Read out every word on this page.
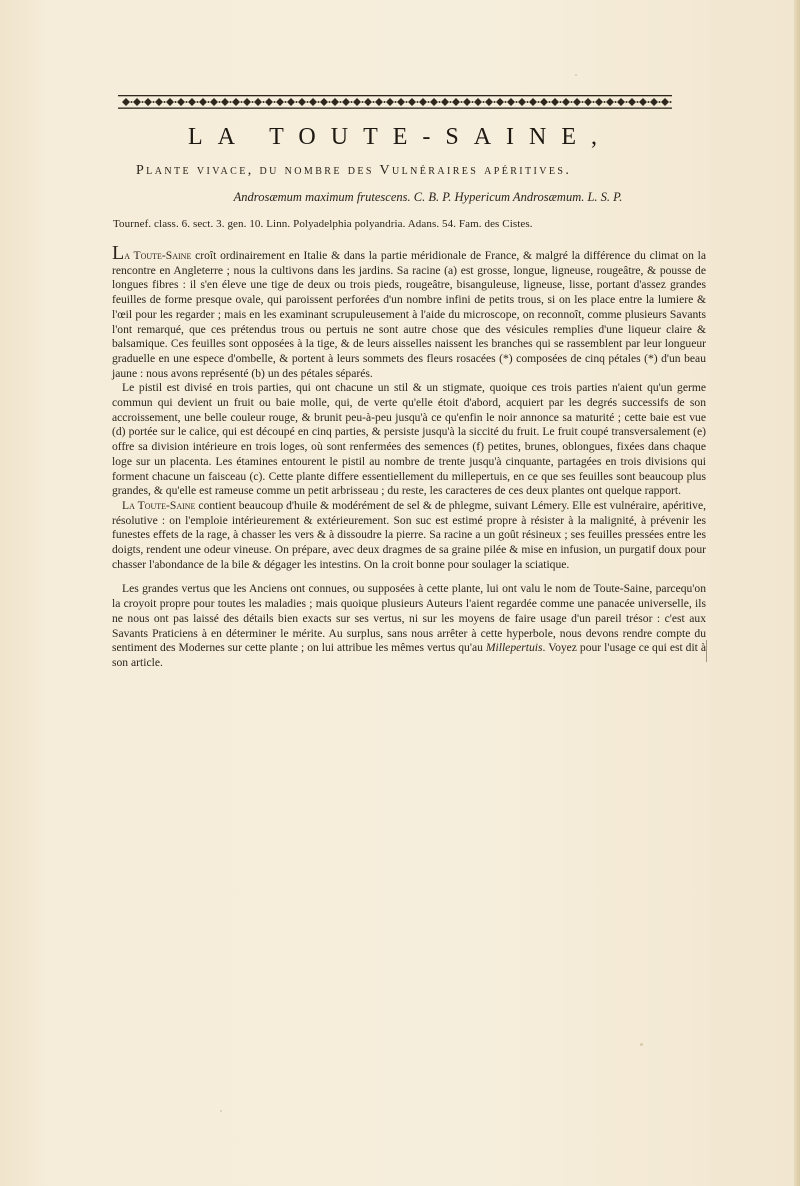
LA TOUTE-SAINE,
Plante vivace, du nombre des Vulnéraires apéritives.
Androsæmum maximum frutescens. C. B. P. Hypericum Androsæmum. L. S. P.
Tournef. class. 6. sect. 3. gen. 10. Linn. Polyadelphia polyandria. Adans. 54. Fam. des Cistes.

La Toute-Saine croît ordinairement en Italie & dans la partie méridionale de France, & malgré la différence du climat on la rencontre en Angleterre ; nous la cultivons dans les jardins. Sa racine (a) est grosse, longue, ligneuse, rougeâtre, & pousse de longues fibres : il s'en éleve une tige de deux ou trois pieds, rougeâtre, bisanguleuse, ligneuse, lisse, portant d'assez grandes feuilles de forme presque ovale, qui paroissent perforées d'un nombre infini de petits trous, si on les place entre la lumiere & l'œil pour les regarder ; mais en les examinant scrupuleusement à l'aide du microscope, on reconnoît, comme plusieurs Savants l'ont remarqué, que ces prétendus trous ou pertuis ne sont autre chose que des vésicules remplies d'une liqueur claire & balsamique. Ces feuilles sont opposées à la tige, & de leurs aisselles naissent les branches qui se rassemblent par leur longueur graduelle en une espece d'ombelle, & portent à leurs sommets des fleurs rosacées (*) composées de cinq pétales (*) d'un beau jaune : nous avons représenté (b) un des pétales séparés.

Le pistil est divisé en trois parties, qui ont chacune un stil & un stigmate, quoique ces trois parties n'aient qu'un germe commun qui devient un fruit ou baie molle, qui, de verte qu'elle étoit d'abord, acquiert par les degrés successifs de son accroissement, une belle couleur rouge, & brunit peu-à-peu jusqu'à ce qu'enfin le noir annonce sa maturité ; cette baie est vue (d) portée sur le calice, qui est découpé en cinq parties, & persiste jusqu'à la siccité du fruit. Le fruit coupé transversalement (e) offre sa division intérieure en trois loges, où sont renfermées des semences (f) petites, brunes, oblongues, fixées dans chaque loge sur un placenta. Les étamines entourent le pistil au nombre de trente jusqu'à cinquante, partagées en trois divisions qui forment chacune un faisceau (c). Cette plante differe essentiellement du millepertuis, en ce que ses feuilles sont beaucoup plus grandes, & qu'elle est rameuse comme un petit arbrisseau ; du reste, les caracteres de ces deux plantes ont quelque rapport.

La Toute-Saine contient beaucoup d'huile & modérément de sel & de phlegme, suivant Lémery. Elle est vulnéraire, apéritive, résolutive : on l'emploie intérieurement & extérieurement. Son suc est estimé propre à résister à la malignité, à prévenir les funestes effets de la rage, à chasser les vers & à dissoudre la pierre. Sa racine a un goût résineux ; ses feuilles pressées entre les doigts, rendent une odeur vineuse. On prépare, avec deux dragmes de sa graine pilée & mise en infusion, un purgatif doux pour chasser l'abondance de la bile & dégager les intestins. On la croit bonne pour soulager la sciatique.

Les grandes vertus que les Anciens ont connues, ou supposées à cette plante, lui ont valu le nom de Toute-Saine, parcequ'on la croyoit propre pour toutes les maladies ; mais quoique plusieurs Auteurs l'aient regardée comme une panacée universelle, ils ne nous ont pas laissé des détails bien exacts sur ses vertus, ni sur les moyens de faire usage d'un pareil trésor : c'est aux Savants Praticiens à en déterminer le mérite. Au surplus, sans nous arrêter à cette hyperbole, nous devons rendre compte du sentiment des Modernes sur cette plante ; on lui attribue les mêmes vertus qu'au Millepertuis. Voyez pour l'usage ce qui est dit à son article.
